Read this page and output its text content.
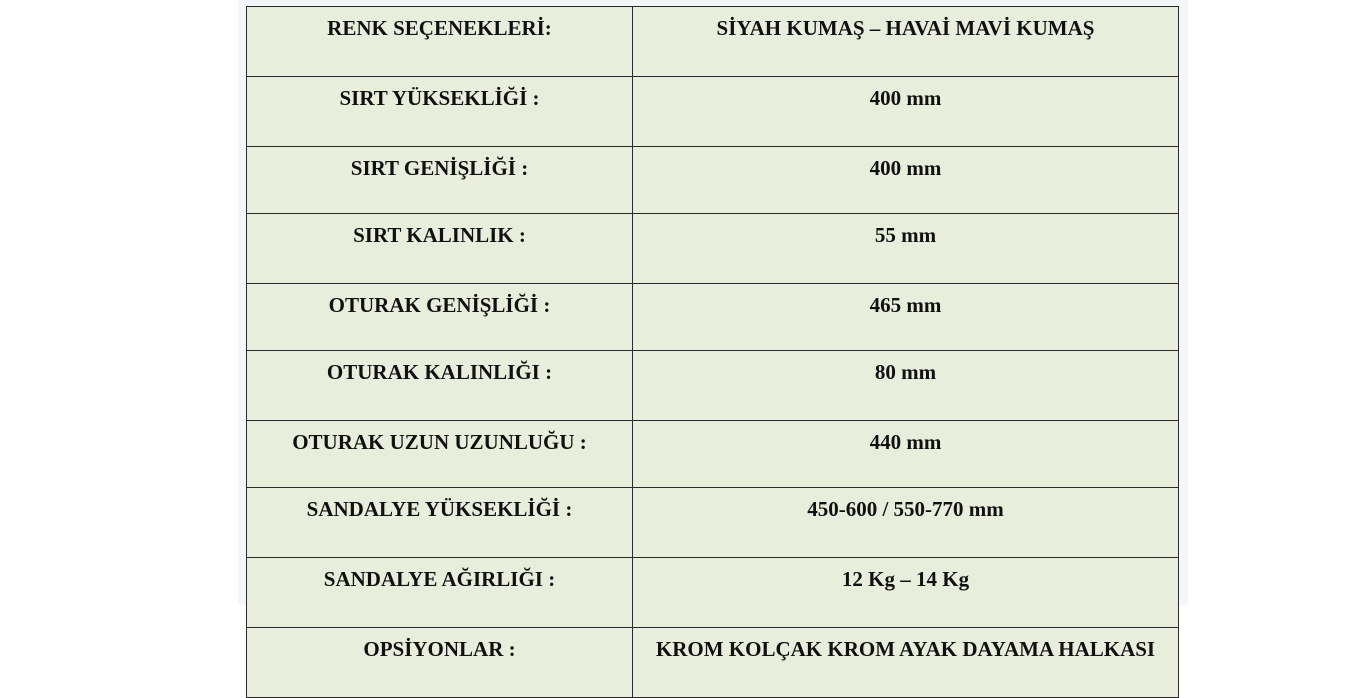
RENK SEÇENEKLERİ:	SİYAH KUMAŞ – HAVAİ MAVİ KUMAŞ
SIRT YÜKSEKLİĞİ :	400 mm
SIRT GENİŞLİĞİ :	400 mm
SIRT KALINLIK :	55 mm
OTURAK GENİŞLİĞİ :	465 mm
OTURAK KALINLIĞI :	80 mm
OTURAK UZUN UZUNLUĞU :	440 mm
SANDALYE YÜKSEKLİĞİ :	450-600 / 550-770 mm
SANDALYE AĞIRLIĞI :	12 Kg – 14 Kg
OPSİYONLAR :	KROM KOLÇAK KROM AYAK DAYAMA HALKASI
